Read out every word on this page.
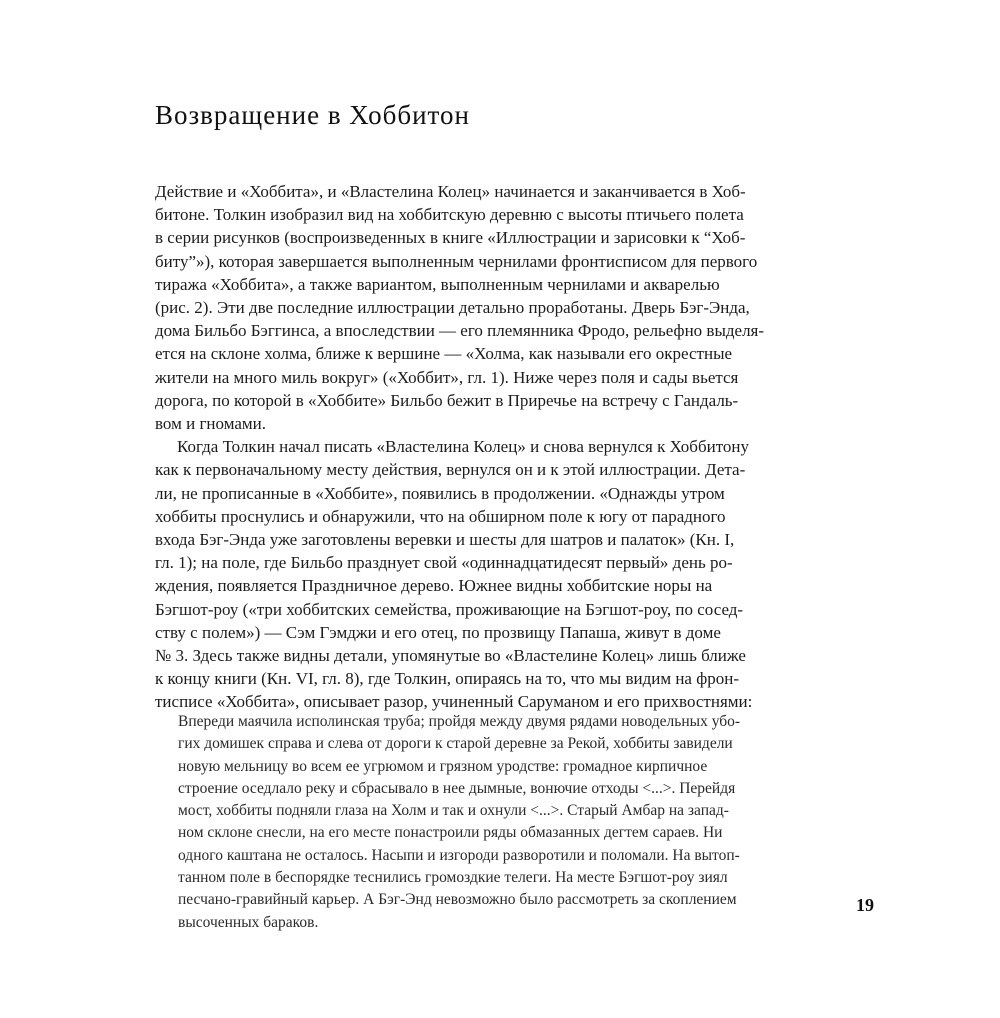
Возвращение в Хоббитон
Действие и «Хоббита», и «Властелина Колец» начинается и заканчивается в Хоб-
битоне. Толкин изобразил вид на хоббитскую деревню с высоты птичьего полета
в серии рисунков (воспроизведенных в книге «Иллюстрации и зарисовки к “Хоб-
биту”»), которая завершается выполненным чернилами фронтисписом для первого
тиража «Хоббита», а также вариантом, выполненным чернилами и акварелью
(рис. 2). Эти две последние иллюстрации детально проработаны. Дверь Бэг-Энда,
дома Бильбо Бэггинса, а впоследствии — его племянника Фродо, рельефно выделя-
ется на склоне холма, ближе к вершине — «Холма, как называли его окрестные
жители на много миль вокруг» («Хоббит», гл. 1). Ниже через поля и сады вьется
дорога, по которой в «Хоббите» Бильбо бежит в Приречье на встречу с Гандаль-
вом и гномами.
Когда Толкин начал писать «Властелина Колец» и снова вернулся к Хоббитону
как к первоначальному месту действия, вернулся он и к этой иллюстрации. Дета-
ли, не прописанные в «Хоббите», появились в продолжении. «Однажды утром
хоббиты проснулись и обнаружили, что на обширном поле к югу от парадного
входа Бэг-Энда уже заготовлены веревки и шесты для шатров и палаток» (Кн. I,
гл. 1); на поле, где Бильбо празднует свой «одиннадцатидесят первый» день ро-
ждения, появляется Праздничное дерево. Южнее видны хоббитские норы на
Бэгшот-роу («три хоббитских семейства, проживающие на Бэгшот-роу, по сосед-
ству с полем») — Сэм Гэмджи и его отец, по прозвищу Папаша, живут в доме
№ 3. Здесь также видны детали, упомянутые во «Властелине Колец» лишь ближе
к концу книги (Кн. VI, гл. 8), где Толкин, опираясь на то, что мы видим на фрон-
тисписе «Хоббита», описывает разор, учиненный Саруманом и его прихвостнями:
Впереди маячила исполинская труба; пройдя между двумя рядами новодельных убо-
гих домишек справа и слева от дороги к старой деревне за Рекой, хоббиты завидели
новую мельницу во всем ее угрюмом и грязном уродстве: громадное кирпичное
строение оседлало реку и сбрасывало в нее дымные, вонючие отходы <...>. Перейдя
мост, хоббиты подняли глаза на Холм и так и охнули <...>. Старый Амбар на запад-
ном склоне снесли, на его месте понастроили ряды обмазанных дегтем сараев. Ни
одного каштана не осталось. Насыпи и изгороди разворотили и поломали. На вытоп-
танном поле в беспорядке теснились громоздкие телеги. На месте Бэгшот-роу зиял
песчано-гравийный карьер. А Бэг-Энд невозможно было рассмотреть за скоплением
высоченных бараков.
19
